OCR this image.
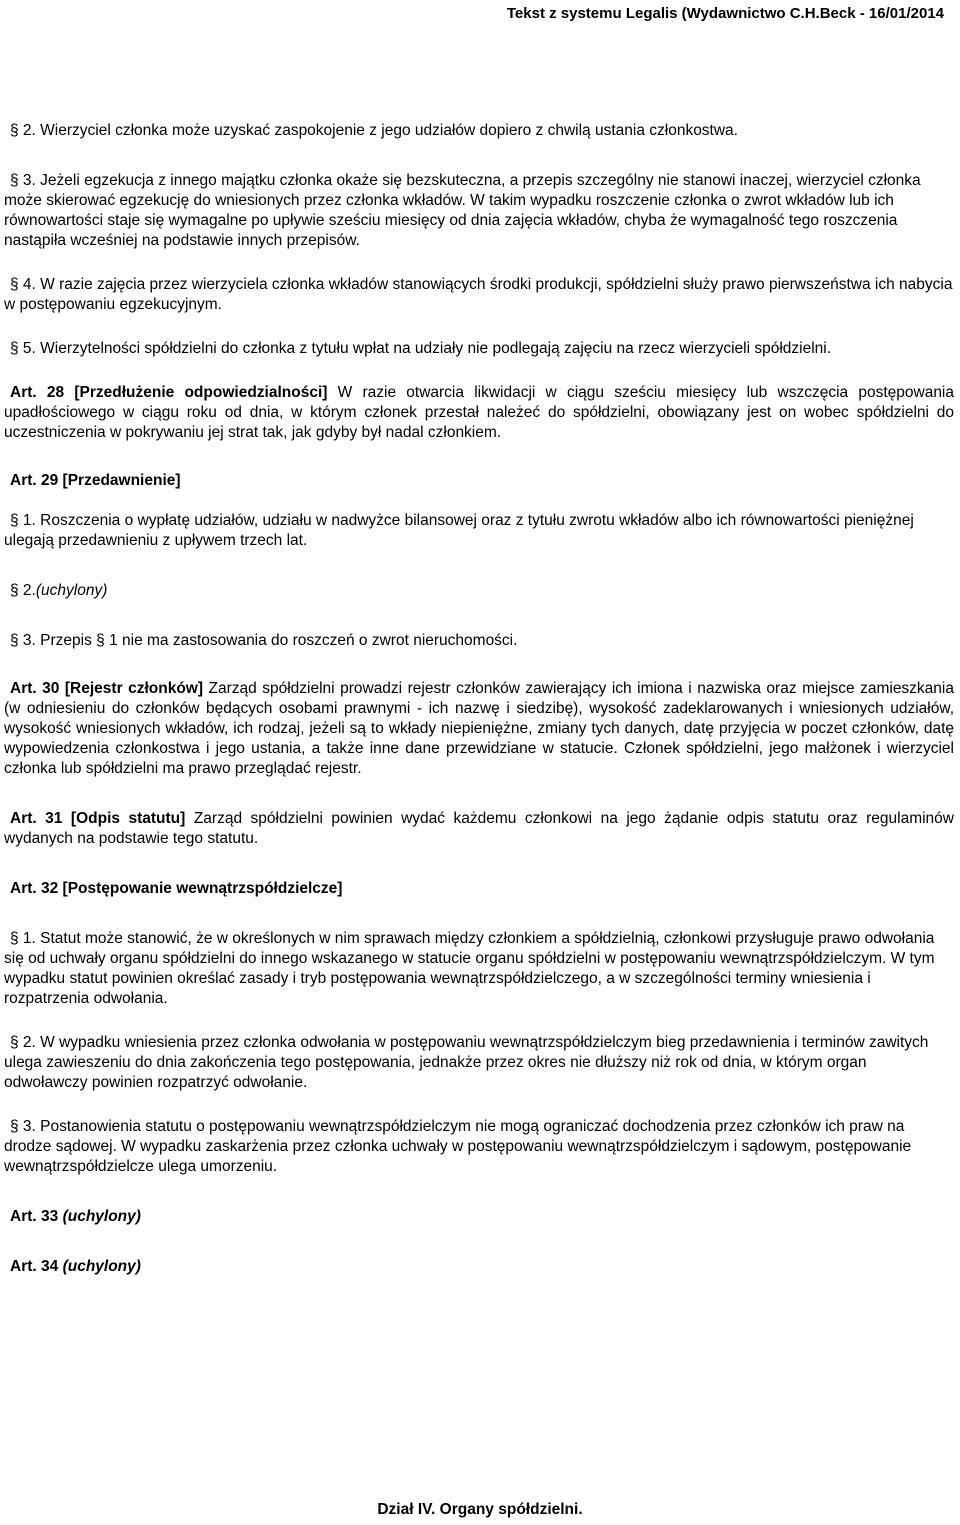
Tekst z systemu Legalis (Wydawnictwo C.H.Beck - 16/01/2014

§ 2. Wierzyciel członka może uzyskać zaspokojenie z jego udziałów dopiero z chwilą ustania członkostwa.

§ 3. Jeżeli egzekucja z innego majątku członka okaże się bezskuteczna, a przepis szczególny nie stanowi inaczej, wierzyciel członka może skierować egzekucję do wniesionych przez członka wkładów. W takim wypadku roszczenie członka o zwrot wkładów lub ich równowartości staje się wymagalne po upływie sześciu miesięcy od dnia zajęcia wkładów, chyba że wymagalność tego roszczenia nastąpiła wcześniej na podstawie innych przepisów.

§ 4. W razie zajęcia przez wierzyciela członka wkładów stanowiących środki produkcji, spółdzielni służy prawo pierwszeństwa ich nabycia w postępowaniu egzekucyjnym.

§ 5. Wierzytelności spółdzielni do członka z tytułu wpłat na udziały nie podlegają zajęciu na rzecz wierzycieli spółdzielni.

Art. 28 [Przedłużenie odpowiedzialności] W razie otwarcia likwidacji w ciągu sześciu miesięcy lub wszczęcia postępowania upadłościowego w ciągu roku od dnia, w którym członek przestał należeć do spółdzielni, obowiązany jest on wobec spółdzielni do uczestniczenia w pokrywaniu jej strat tak, jak gdyby był nadal członkiem.

Art. 29 [Przedawnienie]

§ 1. Roszczenia o wypłatę udziałów, udziału w nadwyżce bilansowej oraz z tytułu zwrotu wkładów albo ich równowartości pieniężnej ulegają przedawnieniu z upływem trzech lat.

§ 2.(uchylony)

§ 3. Przepis § 1 nie ma zastosowania do roszczeń o zwrot nieruchomości.

Art. 30 [Rejestr członków] Zarząd spółdzielni prowadzi rejestr członków zawierający ich imiona i nazwiska oraz miejsce zamieszkania (w odniesieniu do członków będących osobami prawnymi - ich nazwę i siedzibę), wysokość zadeklarowanych i wniesionych udziałów, wysokość wniesionych wkładów, ich rodzaj, jeżeli są to wkłady niepieniężne, zmiany tych danych, datę przyjęcia w poczet członków, datę wypowiedzenia członkostwa i jego ustania, a także inne dane przewidziane w statucie. Członek spółdzielni, jego małżonek i wierzyciel członka lub spółdzielni ma prawo przeglądać rejestr.

Art. 31 [Odpis statutu] Zarząd spółdzielni powinien wydać każdemu członkowi na jego żądanie odpis statutu oraz regulaminów wydanych na podstawie tego statutu.

Art. 32 [Postępowanie wewnątrzspółdzielcze]

§ 1. Statut może stanowić, że w określonych w nim sprawach między członkiem a spółdzielnią, członkowi przysługuje prawo odwołania się od uchwały organu spółdzielni do innego wskazanego w statucie organu spółdzielni w postępowaniu wewnątrzspółdzielczym. W tym wypadku statut powinien określać zasady i tryb postępowania wewnątrzspółdzielczego, a w szczególności terminy wniesienia i rozpatrzenia odwołania.

§ 2. W wypadku wniesienia przez członka odwołania w postępowaniu wewnątrzspółdzielczym bieg przedawnienia i terminów zawitych ulega zawieszeniu do dnia zakończenia tego postępowania, jednakże przez okres nie dłuższy niż rok od dnia, w którym organ odwoławczy powinien rozpatrzyć odwołanie.

§ 3. Postanowienia statutu o postępowaniu wewnątrzspółdzielczym nie mogą ograniczać dochodzenia przez członków ich praw na drodze sądowej. W wypadku zaskarżenia przez członka uchwały w postępowaniu wewnątrzspółdzielczym i sądowym, postępowanie wewnątrzspółdzielcze ulega umorzeniu.

Art. 33 (uchylony)

Art. 34 (uchylony)

Dział IV. Organy spółdzielni.
